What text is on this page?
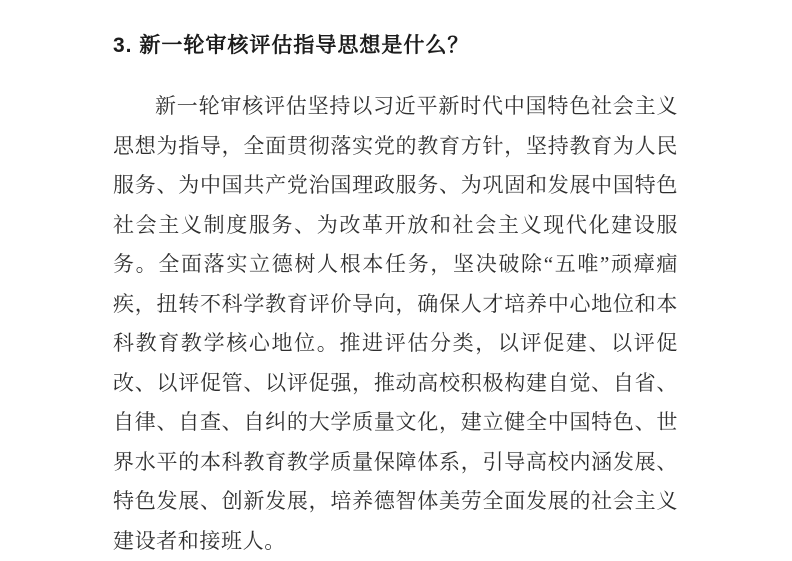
3. 新一轮审核评估指导思想是什么？

新一轮审核评估坚持以习近平新时代中国特色社会主义思想为指导，全面贯彻落实党的教育方针，坚持教育为人民服务、为中国共产党治国理政服务、为巩固和发展中国特色社会主义制度服务、为改革开放和社会主义现代化建设服务。全面落实立德树人根本任务，坚决破除“五唯”顽瘴痼疾，扭转不科学教育评价导向，确保人才培养中心地位和本科教育教学核心地位。推进评估分类，以评促建、以评促改、以评促管、以评促强，推动高校积极构建自觉、自省、自律、自查、自纠的大学质量文化，建立健全中国特色、世界水平的本科教育教学质量保障体系，引导高校内涵发展、特色发展、创新发展，培养德智体美劳全面发展的社会主义建设者和接班人。
